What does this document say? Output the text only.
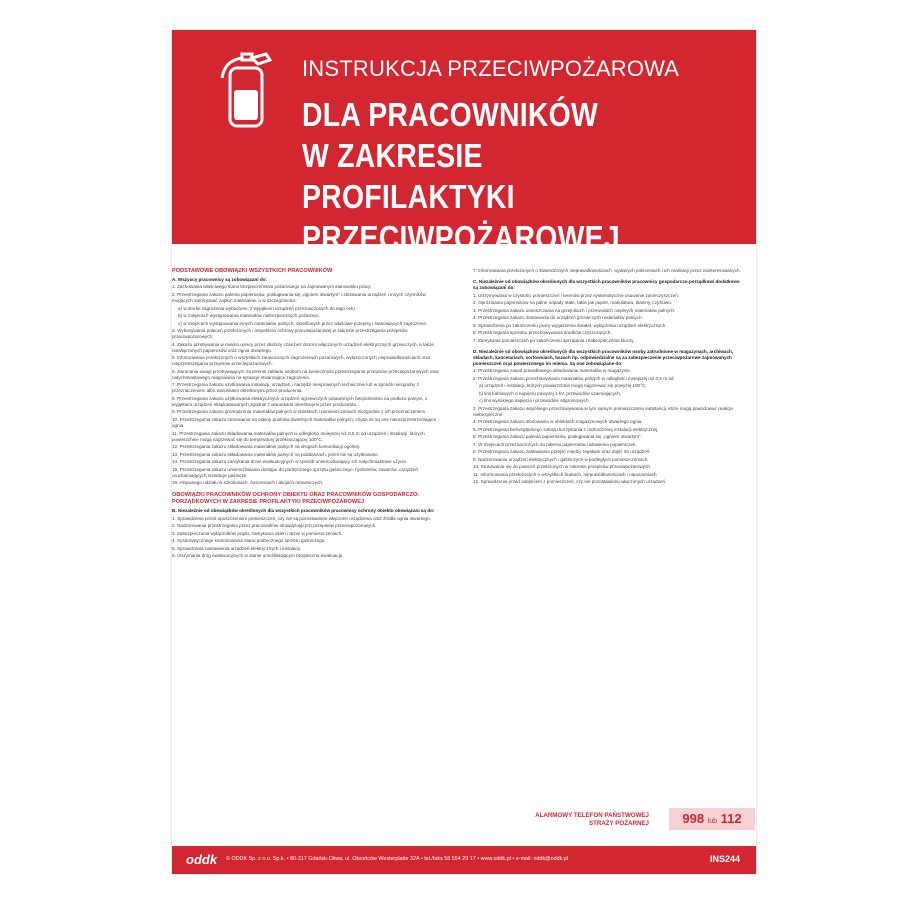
INSTRUKCJA PRZECIWPOŻAROWA
DLA PRACOWNIKÓW
W ZAKRESIE PROFILAKTYKI
PRZECIWPOŻAROWEJ
PODSTAWOWE OBOWIĄZKI WSZYSTKICH PRACOWNIKÓW
A. Wszyscy pracownicy są zobowiązani do:
1. Zachowania właściwego stanu bezpieczeństwa pożarowego na zajmowanym stanowisku pracy.
2. Przestrzegania zakazu palenia papierosów, posługiwania się „ogniem otwartym” i stosowania urządzeń i innych czynników mogących zainicjować zapłon materiałów, a w szczególności:
a) w strefie zagrożenia wybuchem, z wyjątkiem urządzeń przeznaczonych do tego celu,
b) w miejscach występowania materiałów niebezpiecznych pożarowo,
c) w miejscach występowania innych materiałów palnych, określonych przez właściwe przepisy i stanowiących zagrożenie.
3. Wykonywania poleceń przełożonych i inspektora ochrony przeciwpożarowej w zakresie przestrzegania przepisów przeciwpożarowych.
4. Zakazu przebywania w miejscu pracy przez dłuższy czas bez dozoru włączonych urządzeń elektrycznych grzewczych, a także niewłączonych papierosów oraz ognia otwartego.
5. Informowania przełożonych o wszystkich zauważonych zagrożeniach pożarowych, wyłuszczonych nieprawidłowościach oraz nieprzestrzeganiu przepisów przeciwpożarowych.
6. Zwracania uwagi przebywającym na terenie zakładu osobom na konieczność przestrzegania przepisów przeciwpożarowych oraz natychmiastowego reagowania na sytuacje stwarzające zagrożenie.
7. Przestrzegania zakazu użytkowania instalacji, urządzeń i narzędzi niesprawnych technicznie lub w sposób niezgodny z przeznaczeniem albo warunkami określonymi przez producenta.
8. Przestrzegania zakazu użytkowania elektrycznych urządzeń ogrzewczych ustawionych bezpośrednio na podłożu palnym, z wyjątkiem urządzeń eksploatowanych zgodnie z warunkami określonymi przez producenta.
9. Przestrzegania zakazu gromadzenia materiałów palnych w obiektach i pomieszczeniach niezgodnie z ich przeznaczeniem.
10. Przestrzegania zakazu stosowania na osłony punktów świetlnych materiałów palnych, chyba że są one nierozprzestrzeniające ognia.
11. Przestrzegania zakazu składowania materiałów palnych w odległości mniejszej niż 0,5 m od urządzeń i instalacji, których powierzchnie mogą nagrzewać się do temperatury przekraczającej 100°C.
12. Przestrzegania zakazu składowania materiałów palnych na drogach komunikacji ogólnej.
13. Przestrzegania zakazu składowania materiałów palnych na poddaszach, jeżeli nie są użytkowane.
14. Przestrzegania zakazu zamykania drzwi ewakuacyjnych w sposób uniemożliwiający ich natychmiastowe użycie.
15. Przestrzegania zakazu uniemożliwiania dostępu do podręcznego sprzętu gaśniczego, hydrantów, zaworów, urządzeń uruchamiających instalacje gaśnicze.
16. Aktywnego udziału w szkoleniach, ćwiczeniach i akcjach ratowniczych.
OBOWIĄZKI PRACOWNIKÓW OCHRONY OBIEKTU ORAZ PRACOWNIKÓW GOSPODARCZO-PORZĄDKOWYCH W ZAKRESIE PROFILAKTYKI PRZECIWPOŻAROWEJ
B. Niezależnie od obowiązków określonych dla wszystkich pracowników pracownicy ochrony obiektu obowiązani są do:
1. Sprawdzenia przed opuszczeniem pomieszczeń, czy nie są pozostawione włączone urządzenia oraz źródła ognia otwartego.
2. Nadzorowania przestrzegania przez pracowników obowiązujących przepisów przeciwpożarowych.
3. Zabezpieczania wyłączników prądu, zamykania okien i drzwi w pomieszczeniach.
4. Systematycznego kontrolowania stanu podręcznego sprzętu gaśniczego.
5. Sprawdzania nastawienia urządzeń elektrycznych i instalacji.
6. Utrzymania dróg ewakuacyjnych w stanie umożliwiającym bezpieczną ewakuację.
7. Informowania przełożonych o stwierdzonych nieprawidłowościach, wydanych poleceniach i ich realizacji przez zainteresowanych.
C. Niezależnie od obowiązków określonych dla wszystkich pracowników pracownicy gospodarczo-porządkowi dodatkowo są zobowiązani do:
1. Utrzymywania w czystości pomieszczeń i terenów przez systematyczne usuwanie zanieczyszczeń.
2. Opróżniania pojemników na palne odpady stałe, takie jak papier, makulatura, tkaniny, czyściwo.
3. Przestrzegania zakazu umieszczania na grzejnikach i przewodach cieplnych materiałów palnych.
4. Przestrzegania zakazu dostawania do urządzeń grzewczych materiałów palnych.
5. Sprawdzenia po zakończeniu pracy wygaszenia świateł, wyłączenia urządzeń elektrycznych.
6. Przestrzegania sposobu przechowywania środków czyszczących.
7. Zamykania pomieszczeń po zakończeniu sprzątania i zabezpieczenia kluczy.
D. Niezależnie od obowiązków określonych dla wszystkich pracowników osoby zatrudnione w magazynach, archiwach, składach, kancelariach, sortowniach, bazach itp. odpowiedzialne są za zabezpieczenie przeciwpożarowe zajmowanych pomieszczeń oraz powierzonego im mienia. Są one zobowiązane do:
1. Przestrzegania zasad prawidłowego składowania materiałów w magazynie.
2. Przestrzegania zakazu przechowywania materiałów palnych w odległości mniejszej niż 0,5 m od:
a) urządzeń i instalacji, których powierzchnie mogą nagrzewać się powyżej 100°C,
b) linii kablowych o napięciu powyżej 1 kV, przewodów uziemiających,
c) linii wysokiego napięcia i przewodów odgromowych.
3. Przestrzegania zakazu wspólnego przechowywania w tym samym pomieszczeniu substancji, które mogą powodować reakcje niebezpieczne.
4. Przestrzegania zakazu stosowania w obiektach magazynowych otwartego ognia.
5. Przestrzegania bezwzględnego zakazu korzystania z uszkodzonej instalacji elektrycznej.
6. Przestrzegania zakazu palenia papierosów, posługiwania się „ogniem otwartym”.
7. W miejscach przeznaczonych do palenia papierosów ustawienia popielniczek.
8. Przestrzegania zakazu zastawiania przejść między regałami oraz dojść do urządzeń.
9. Nadzorowania urządzeń elektrycznych i gaśniczych w podległych pomieszczeniach.
10. Stosowania się do poleceń przełożonych w zakresie przepisów przeciwpożarowych.
11. Informowania przełożonych o wszystkich brakach, nieprawidłowościach i naruszeniach.
12. Sprawdzenia przed odejściem z pomieszczeń, czy nie pozostawiono włączonych urządzeń.
ALARMOWY TELEFON PAŃSTWOWEJ STRAŻY POŻARNEJ	998 lub 112
oddk © ODDK Sp. z o.o. Sp.k. • 80-317 Gdańsk-Oliwa, ul. Obrońców Westerplatte 32A • tel./faks 58 554 29 17 • www.oddk.pl • e-mail: oddk@oddk.pl	INS244
